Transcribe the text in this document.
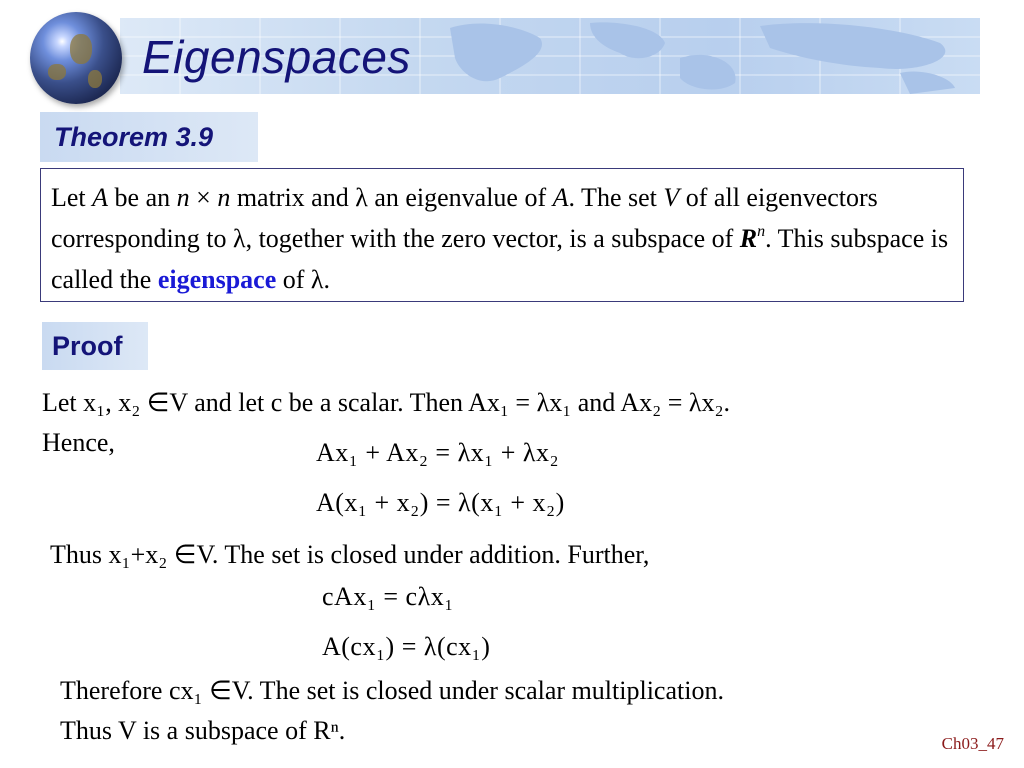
Eigenspaces
Theorem 3.9
Let A be an n × n matrix and λ an eigenvalue of A. The set V of all eigenvectors corresponding to λ, together with the zero vector, is a subspace of $R^n$. This subspace is called the eigenspace of λ.
Proof
Let x₁, x₂ ∈V and let c be a scalar. Then Ax₁ = λx₁ and Ax₂ = λx₂.
Hence,	Ax₁ + Ax₂ = λx₁ + λx₂
A(x₁ + x₂) = λ(x₁ + x₂)
Thus x₁+x₂ ∈V. The set is closed under addition. Further,
cAx₁ = cλx₁
A(cx₁) = λ(cx₁)
Therefore cx₁ ∈V. The set is closed under scalar multiplication.
Thus V is a subspace of Rⁿ.	Ch03_47
